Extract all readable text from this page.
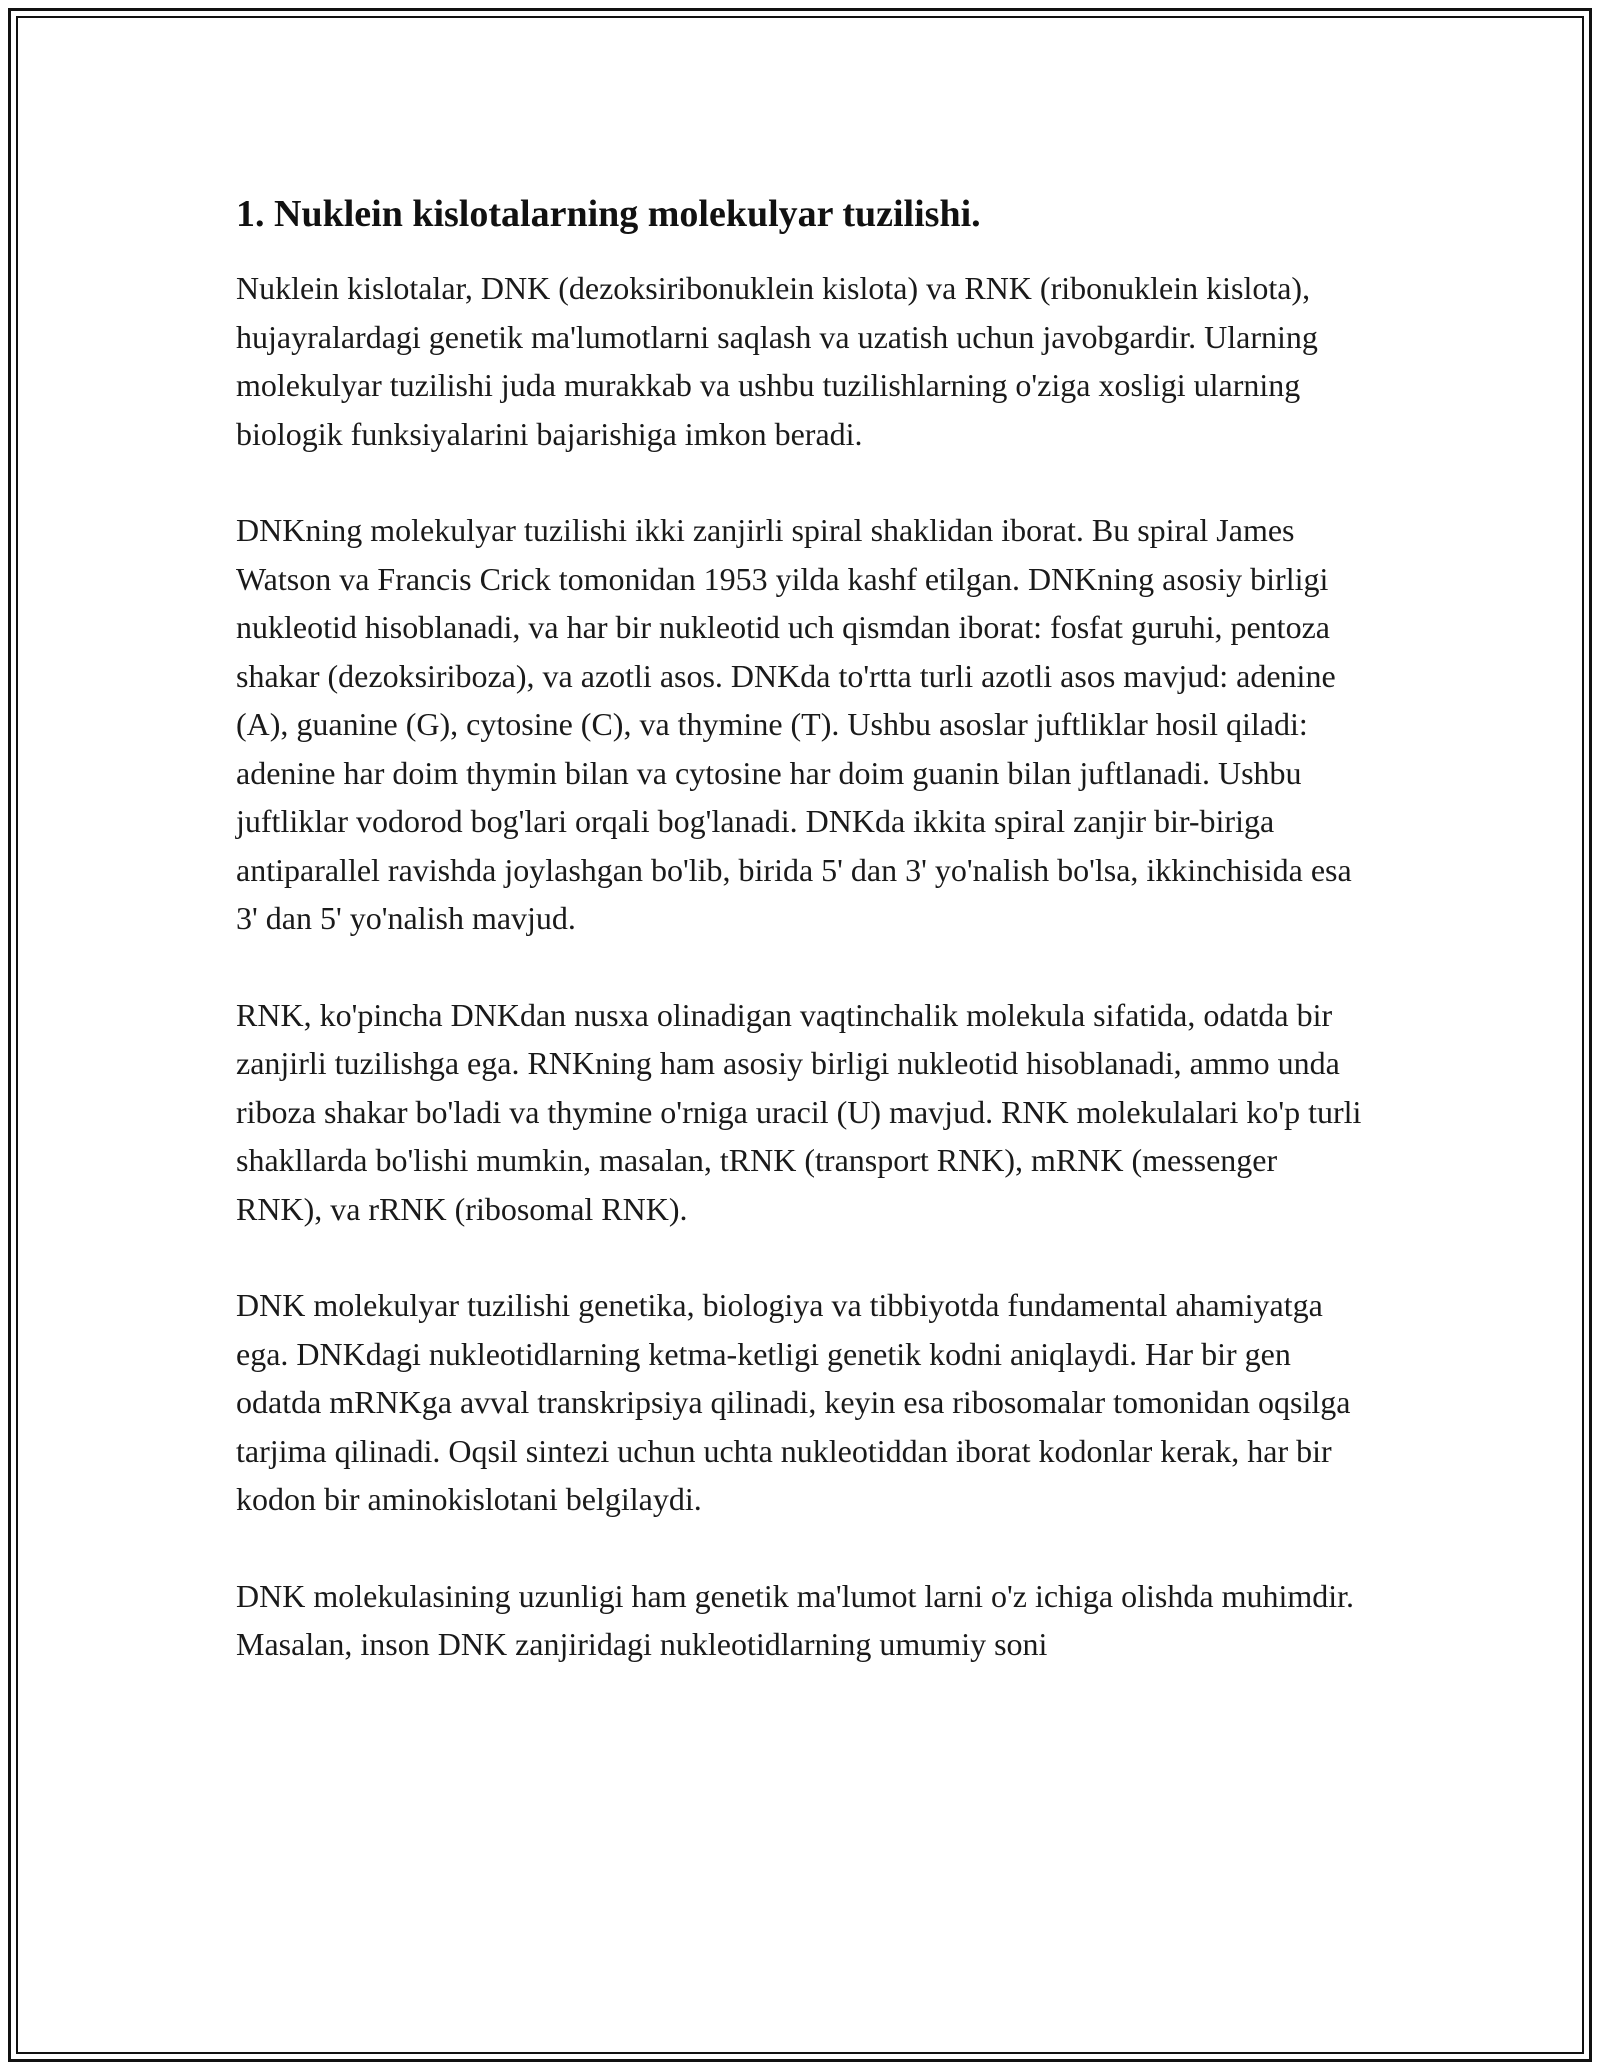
1. Nuklein kislotalarning molekulyar tuzilishi.

Nuklein kislotalar, DNK (dezoksiribonuklein kislota) va RNK (ribonuklein kislota), hujayralardagi genetik ma'lumotlarni saqlash va uzatish uchun javobgardir. Ularning molekulyar tuzilishi juda murakkab va ushbu tuzilishlarning o'ziga xosligi ularning biologik funksiyalarini bajarishiga imkon beradi.

DNKning molekulyar tuzilishi ikki zanjirli spiral shaklidan iborat. Bu spiral James Watson va Francis Crick tomonidan 1953 yilda kashf etilgan. DNKning asosiy birligi nukleotid hisoblanadi, va har bir nukleotid uch qismdan iborat: fosfat guruhi, pentoza shakar (dezoksiriboza), va azotli asos. DNKda to'rtta turli azotli asos mavjud: adenine (A), guanine (G), cytosine (C), va thymine (T). Ushbu asoslar juftliklar hosil qiladi: adenine har doim thymin bilan va cytosine har doim guanin bilan juftlanadi. Ushbu juftliklar vodorod bog'lari orqali bog'lanadi. DNKda ikkita spiral zanjir bir-biriga antiparallel ravishda joylashgan bo'lib, birida 5' dan 3' yo'nalish bo'lsa, ikkinchisida esa 3' dan 5' yo'nalish mavjud.

RNK, ko'pincha DNKdan nusxa olinadigan vaqtinchalik molekula sifatida, odatda bir zanjirli tuzilishga ega. RNKning ham asosiy birligi nukleotid hisoblanadi, ammo unda riboza shakar bo'ladi va thymine o'rniga uracil (U) mavjud. RNK molekulalari ko'p turli shakllarda bo'lishi mumkin, masalan, tRNK (transport RNK), mRNK (messenger RNK), va rRNK (ribosomal RNK).

DNK molekulyar tuzilishi genetika, biologiya va tibbiyotda fundamental ahamiyatga ega. DNKdagi nukleotidlarning ketma-ketligi genetik kodni aniqlaydi. Har bir gen odatda mRNKga avval transkripsiya qilinadi, keyin esa ribosomalar tomonidan oqsilga tarjima qilinadi. Oqsil sintezi uchun uchta nukleotiddan iborat kodonlar kerak, har bir kodon bir aminokislotani belgilaydi.

DNK molekulasining uzunligi ham genetik ma'lumot larni o'z ichiga olishda muhimdir. Masalan, inson DNK zanjiridagi nukleotidlarning umumiy soni
